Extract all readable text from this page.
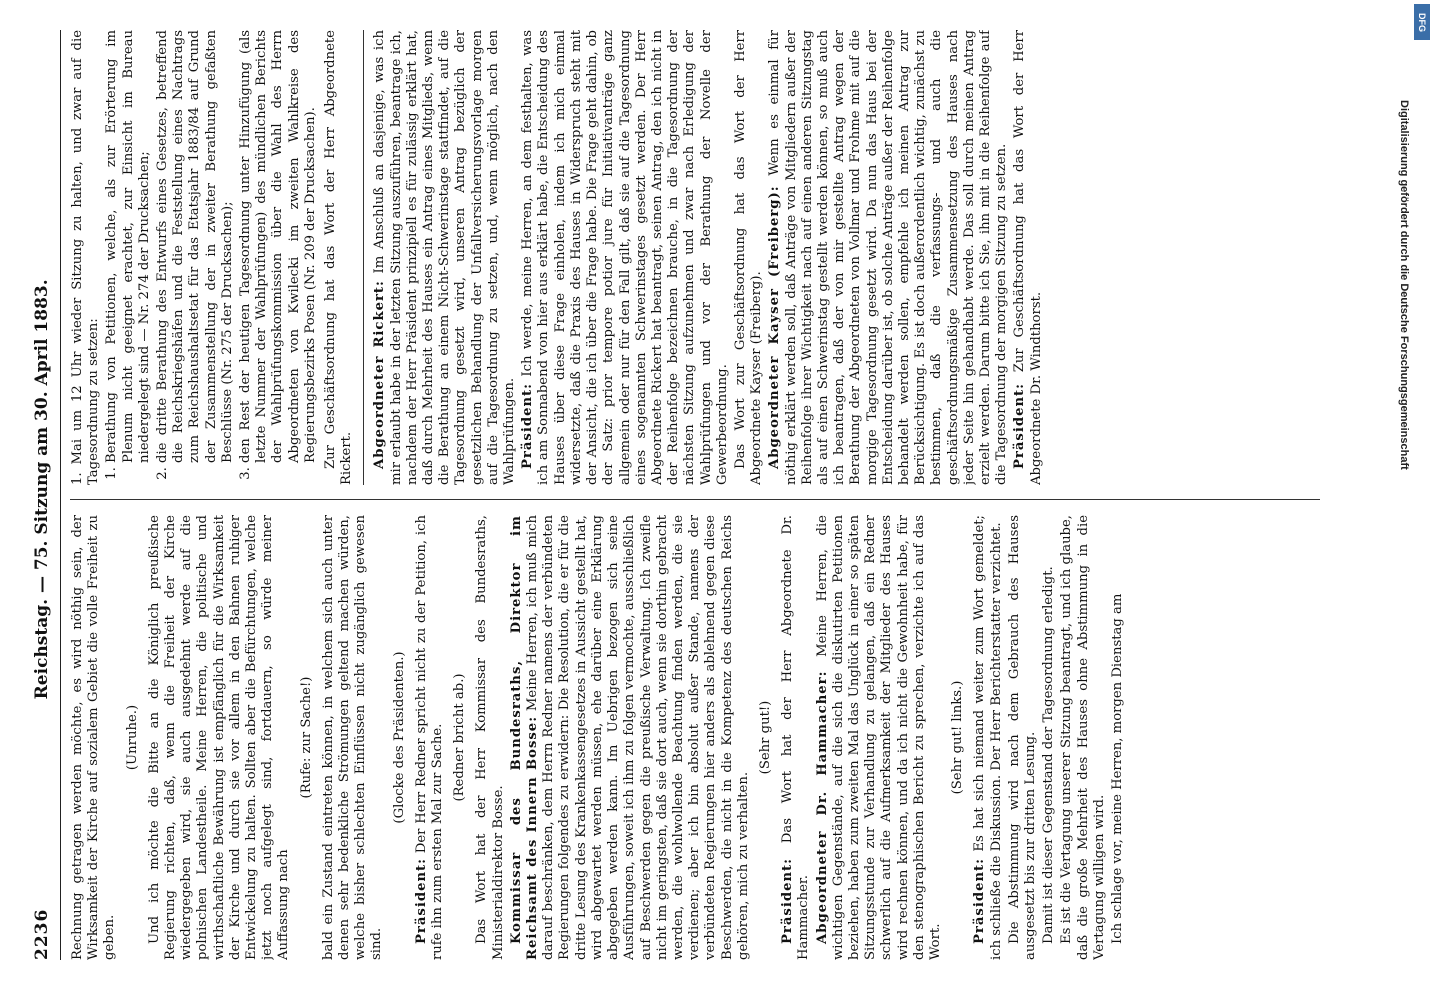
2236
Reichstag. — 75. Sitzung am 30. April 1883.

Rechnung getragen werden möchte, es wird nöthig sein, der Wirksamkeit der Kirche auf sozialem Gebiet die volle Freiheit zu geben.

(Unruhe.) Und ich möchte die Bitte an die Königlich preußische Regierung richten, daß, wenn die Freiheit der Kirche wiedergegeben wird, sie auch ausgedehnt werde auf die polnischen Landestheile. Meine Herren, die politische und wirthschaftliche Bewährung ist empfänglich für die Wirksamkeit der Kirche und durch sie vor allem in den Bahnen ruhiger Entwickelung zu halten. Sollten aber die Befürchtungen, welche jetzt noch aufgelegt sind, fortdauern, so würde meiner Auffassung nach

(Rufe: zur Sache!) bald ein Zustand eintreten können, in welchem sich auch unter denen sehr bedenkliche Strömungen geltend machen würden, welche bisher schlechten Einflüssen nicht zugänglich gewesen sind.

(Glocke des Präsidenten.)

Präsident: Der Herr Redner spricht nicht zu der Petition, ich rufe ihn zum ersten Mal zur Sache. (Redner bricht ab.) Das Wort hat der Herr Kommissar des Bundesraths, Ministerialdirektor Bosse. Kommissar des Bundesraths, Direktor im Reichsamt des Innern Bosse: Meine Herren, ich muß mich darauf beschränken, dem Herrn Redner namens der verbündeten Regierungen folgendes zu erwidern: Die Resolution, die er für die dritte Lesung des Krankenkassengesetzes in Aussicht gestellt hat, wird abgewartet werden müssen, ehe darüber eine Erklärung abgegeben werden kann. Im Uebrigen bezogen sich seine Ausführungen, soweit ich ihm zu folgen vermochte, ausschließlich auf Beschwerden gegen die preußische Verwaltung. Ich zweifle nicht im geringsten, daß sie dort auch, wenn sie dorthin gebracht werden, die wohlwollende Beachtung finden werden, die sie verdienen; aber ich bin absolut außer Stande, namens der verbündeten Regierungen hier anders als ablehnend gegen diese Beschwerden, die nicht in die Kompetenz des deutschen Reichs gehören, mich zu verhalten.

(Sehr gut!)

Präsident: Das Wort hat der Herr Abgeordnete Dr. Hammacher. Abgeordneter Dr. Hammacher: Meine Herren, die wichtigen Gegenstände, auf die sich die diskutirten Petitionen beziehen, haben zum zweiten Mal das Unglück in einer so späten Sitzungsstunde zur Verhandlung zu gelangen, daß ein Redner schwerlich auf die Aufmerksamkeit der Mitglieder des Hauses wird rechnen können, und da ich nicht die Gewohnheit habe, für den stenographischen Bericht zu sprechen, verzichte ich auf das Wort.

(Sehr gut! links.)

Präsident: Es hat sich niemand weiter zum Wort gemeldet; ich schließe die Diskussion. Der Herr Berichterstatter verzichtet. Die Abstimmung wird nach dem Gebrauch des Hauses ausgesetzt bis zur dritten Lesung. Damit ist dieser Gegenstand der Tagesordnung erledigt. Es ist die Vertagung unserer Sitzung beantragt, und ich glaube, daß die große Mehrheit des Hauses ohne Abstimmung in die Vertagung willigen wird. Ich schlage vor, meine Herren, morgen Dienstag am

1. Mai um 12 Uhr wieder Sitzung zu halten, und zwar auf die Tagesordnung zu setzen: 1. Berathung von Petitionen, welche, als zur Erörterung im Plenum nicht geeignet erachtet, zur Einsicht im Bureau niedergelegt sind — Nr. 274 der Drucksachen; 2. die dritte Berathung des Entwurfs eines Gesetzes, betreffend die Reichskriegshäfen und die Feststellung eines Nachtrags zum Reichshaushaltsetat für das Etatsjahr 1883/84 auf Grund der Zusammenstellung der in zweiter Berathung gefaßten Beschlüsse (Nr. 275 der Drucksachen); 3. den Rest der heutigen Tagesordnung unter Hinzufügung (als letzte Nummer der Wahlprüfungen) des mündlichen Berichts der Wahlprüfungskommission über die Wahl des Herrn Abgeordneten von Kwilecki im zweiten Wahlkreise des Regierungsbezirks Posen (Nr. 209 der Drucksachen). Zur Geschäftsordnung hat das Wort der Herr Abgeordnete Rickert. Abgeordneter Rickert: Im Anschluß an dasjenige, was ich mir erlaubt habe in der letzten Sitzung auszuführen, beantrage ich, nachdem der Herr Präsident prinzipiell es für zulässig erklärt hat, daß durch Mehrheit des Hauses ein Antrag eines Mitglieds, wenn die Berathung an einem Nicht-Schwerinstage stattfindet, auf die Tagesordnung gesetzt wird, unseren Antrag bezüglich der gesetzlichen Behandlung der Unfallversicherungsvorlage morgen auf die Tagesordnung zu setzen, und, wenn möglich, nach den Wahlprüfungen. Präsident: Ich werde, meine Herren, an dem festhalten, was ich am Sonnabend von hier aus erklärt habe, die Entscheidung des Hauses über diese Frage einholen, indem ich mich einmal widersetzte, daß die Praxis des Hauses in Widerspruch steht mit der Ansicht, die ich über die Frage habe. Die Frage geht dahin, ob der Satz: prior tempore potior jure für Initiativanträge ganz allgemein oder nur für den Fall gilt, daß sie auf die Tagesordnung eines sogenannten Schwerinstages gesetzt werden. Der Herr Abgeordnete Rickert hat beantragt, seinen Antrag, den ich nicht in der Reihenfolge bezeichnen brauche, in die Tagesordnung der nächsten Sitzung aufzunehmen und zwar nach Erledigung der Wahlprüfungen und vor der Berathung der Novelle der Gewerbeordnung. Das Wort zur Geschäftsordnung hat das Wort der Herr Abgeordnete Kayser (Freiberg). Abgeordneter Kayser (Freiberg): Wenn es einmal für nöthig erklärt werden soll, daß Anträge von Mitgliedern außer der Reihenfolge ihrer Wichtigkeit nach auf einen anderen Sitzungstag als auf einen Schwerinstag gestellt werden können, so muß auch ich beantragen, daß der von mir gestellte Antrag wegen der Berathung der Abgeordneten von Vollmar und Frohme mit auf die morgige Tagesordnung gesetzt wird. Da nun das Haus bei der Entscheidung darüber ist, ob solche Anträge außer der Reihenfolge behandelt werden sollen, empfehle ich meinen Antrag zur Berücksichtigung. Es ist doch außerordentlich wichtig, zunächst zu bestimmen, daß die verfassungs- und auch die geschäftsordnungsmäßige Zusammensetzung des Hauses nach jeder Seite hin gehandhabt werde. Das soll durch meinen Antrag erzielt werden. Darum bitte ich Sie, ihn mit in die Reihenfolge auf die Tagesordnung der morgigen Sitzung zu setzen. Präsident: Zur Geschäftsordnung hat das Wort der Herr Abgeordnete Dr. Windthorst.

DFG
Digitalisierung gefördert durch die Deutsche Forschungsgemeinschaft
